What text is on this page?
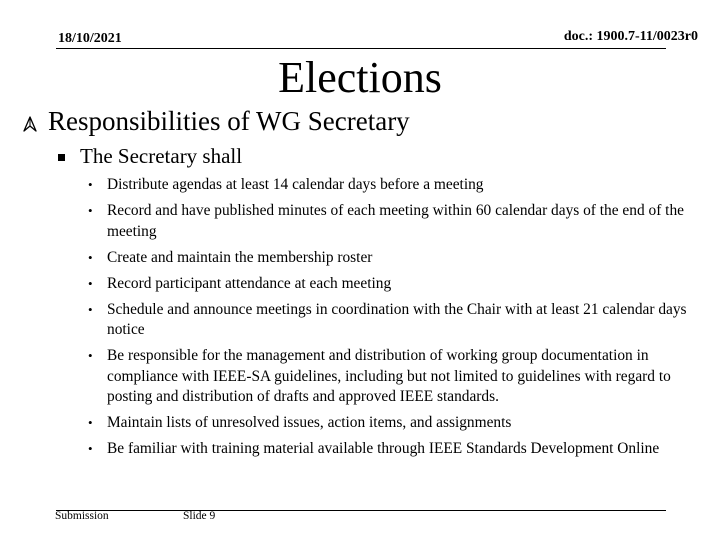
18/10/2021	doc.: 1900.7-11/0023r0
Elections
Responsibilities of WG Secretary
The Secretary shall
• Distribute agendas at least 14 calendar days before a meeting
• Record and have published minutes of each meeting within 60 calendar days of the end of the meeting
• Create and maintain the membership roster
• Record participant attendance at each meeting
• Schedule and announce meetings in coordination with the Chair with at least 21 calendar days notice
• Be responsible for the management and distribution of working group documentation in compliance with IEEE-SA guidelines, including but not limited to guidelines with regard to posting and distribution of drafts and approved IEEE standards.
• Maintain lists of unresolved issues, action items, and assignments
• Be familiar with training material available through IEEE Standards Development Online
Submission	Slide 9
